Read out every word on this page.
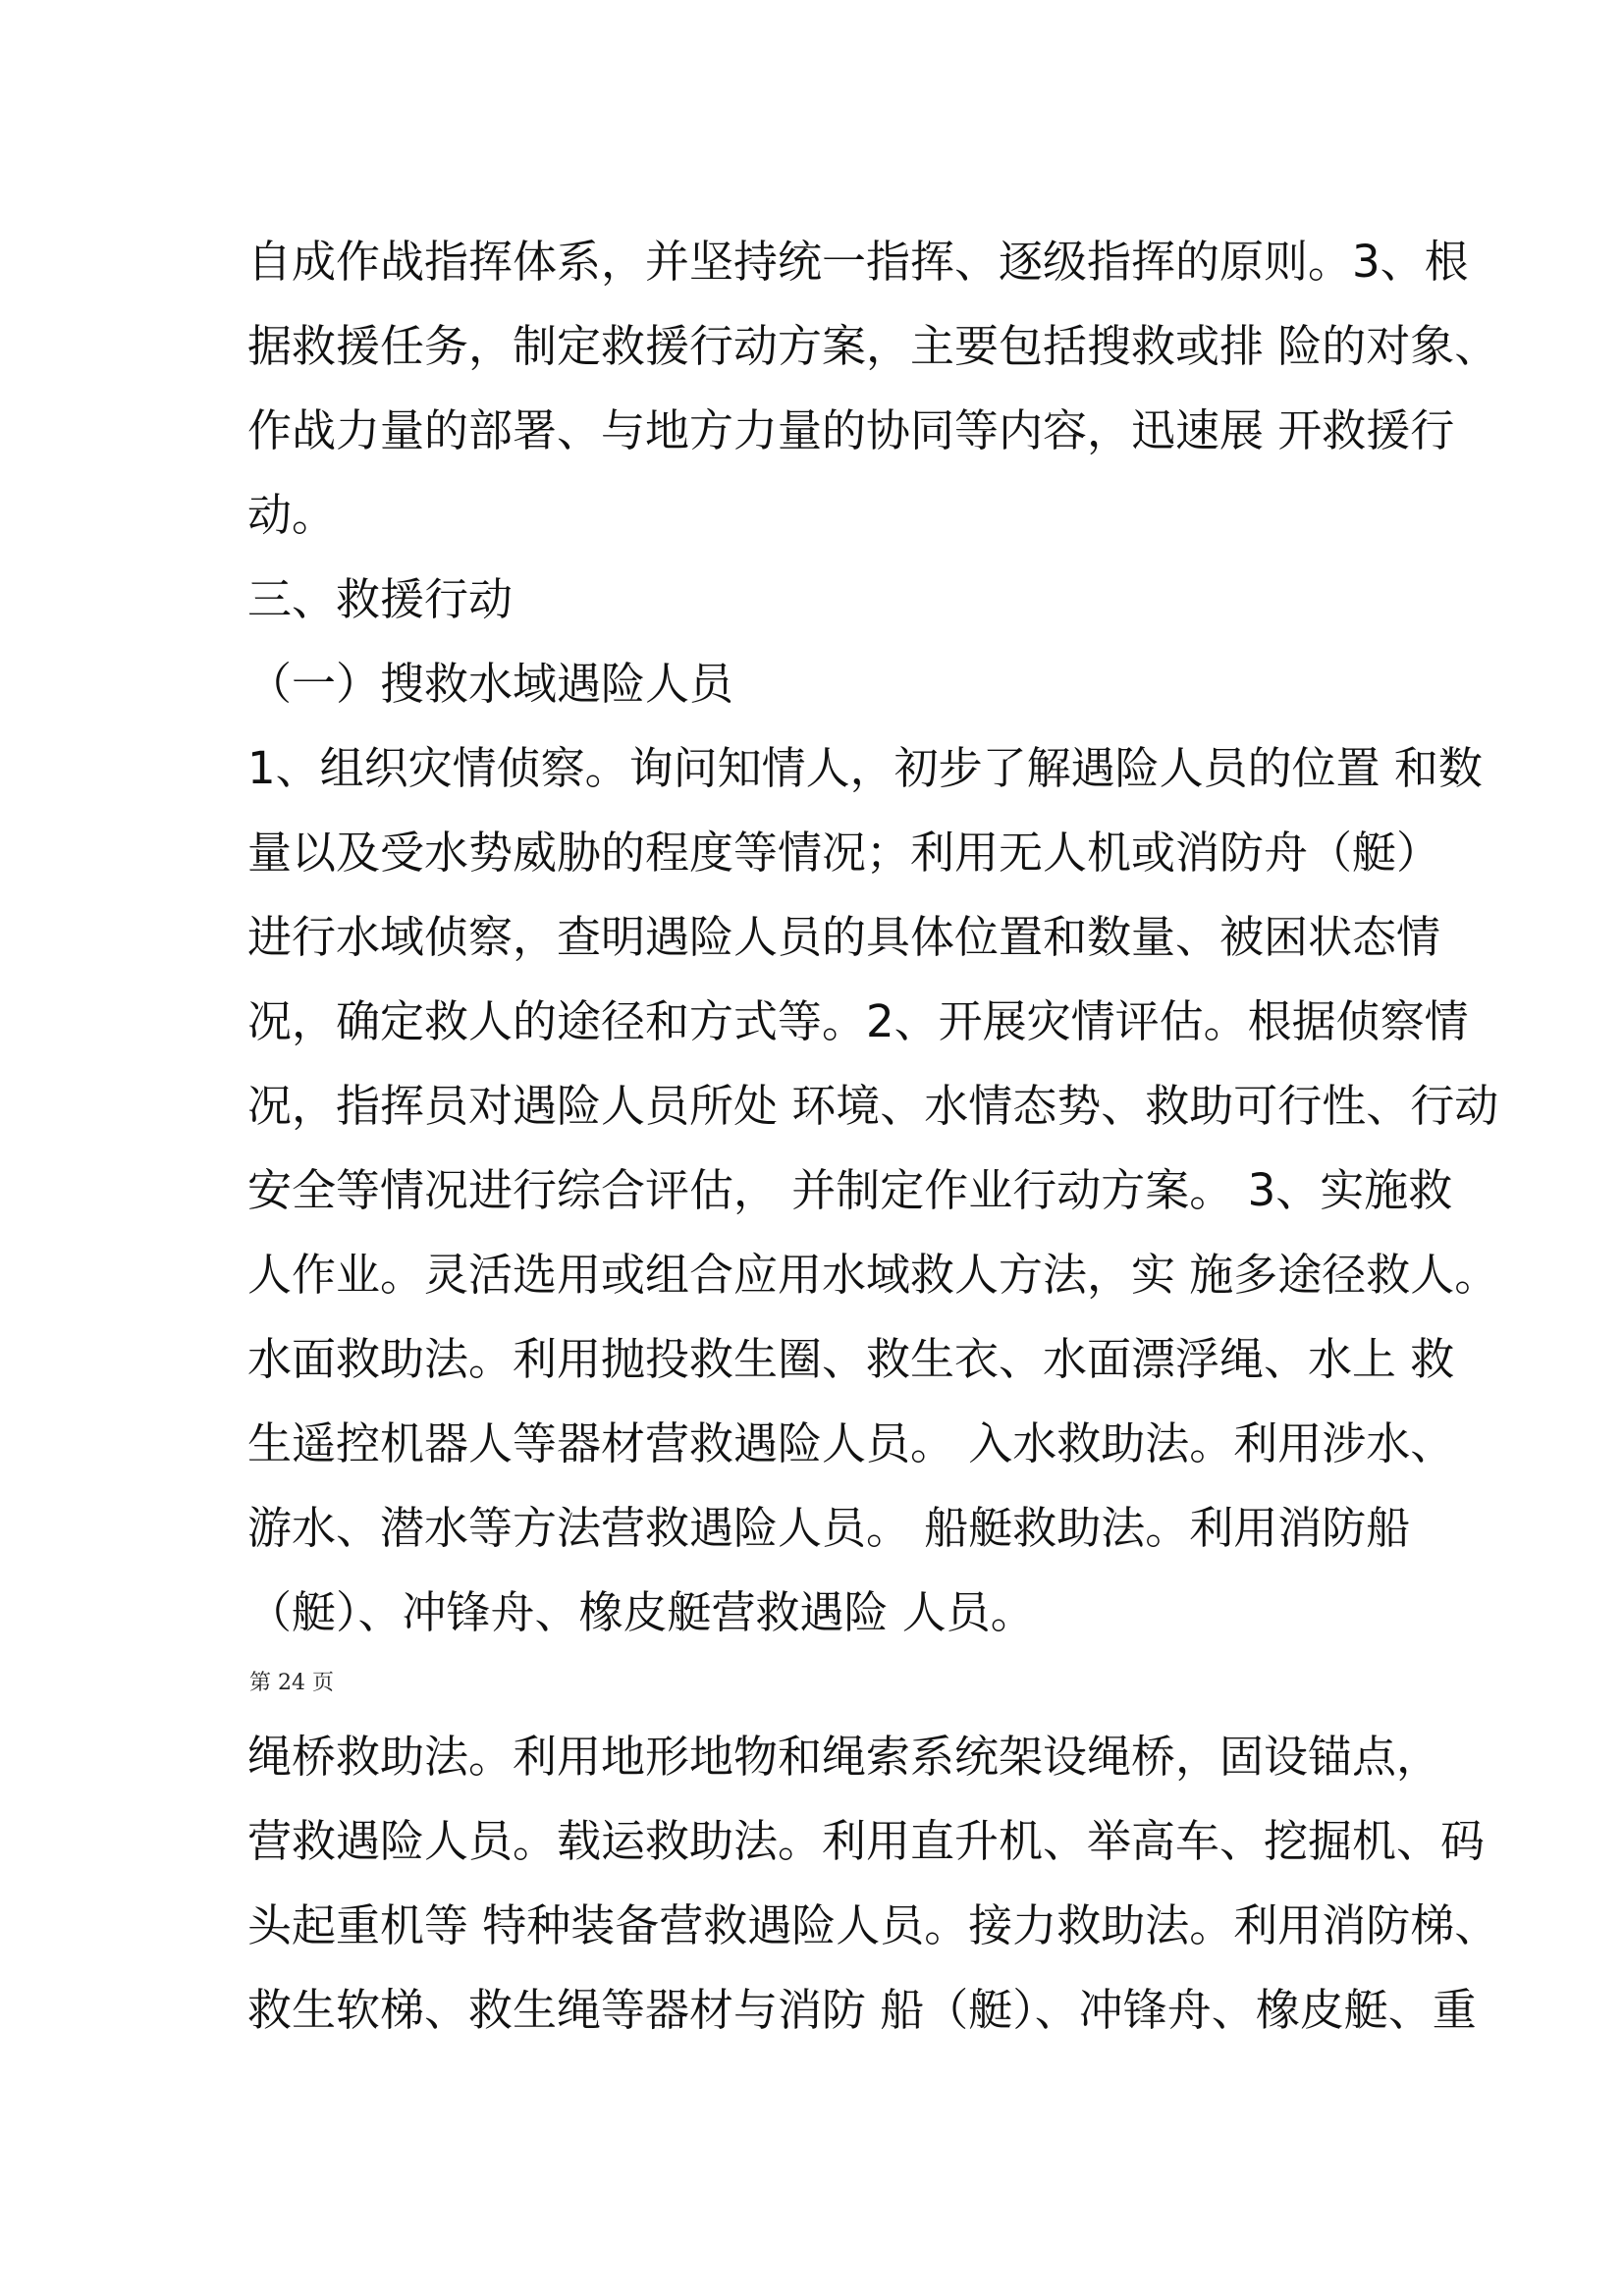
自成作战指挥体系，并坚持统一指挥、逐级指挥的原则。3、根
据救援任务，制定救援行动方案，主要包括搜救或排 险的对象、
作战力量的部署、与地方力量的协同等内容，迅速展 开救援行
动。
三、救援行动
（一）搜救水域遇险人员
1、组织灾情侦察。询问知情人，初步了解遇险人员的位置 和数
量以及受水势威胁的程度等情况；利用无人机或消防舟（艇）
进行水域侦察，查明遇险人员的具体位置和数量、被困状态情
况，确定救人的途径和方式等。2、开展灾情评估。根据侦察情
况，指挥员对遇险人员所处 环境、水情态势、救助可行性、行动
安全等情况进行综合评估， 并制定作业行动方案。 3、实施救
人作业。灵活选用或组合应用水域救人方法，实 施多途径救人。
水面救助法。利用抛投救生圈、救生衣、水面漂浮绳、水上 救
生遥控机器人等器材营救遇险人员。 入水救助法。利用涉水、
游水、潜水等方法营救遇险人员。 船艇救助法。利用消防船
（艇）、冲锋舟、橡皮艇营救遇险 人员。
第 24 页
绳桥救助法。利用地形地物和绳索系统架设绳桥，固设锚点，
营救遇险人员。载运救助法。利用直升机、举高车、挖掘机、码
头起重机等 特种装备营救遇险人员。接力救助法。利用消防梯、
救生软梯、救生绳等器材与消防 船（艇）、冲锋舟、橡皮艇、重
